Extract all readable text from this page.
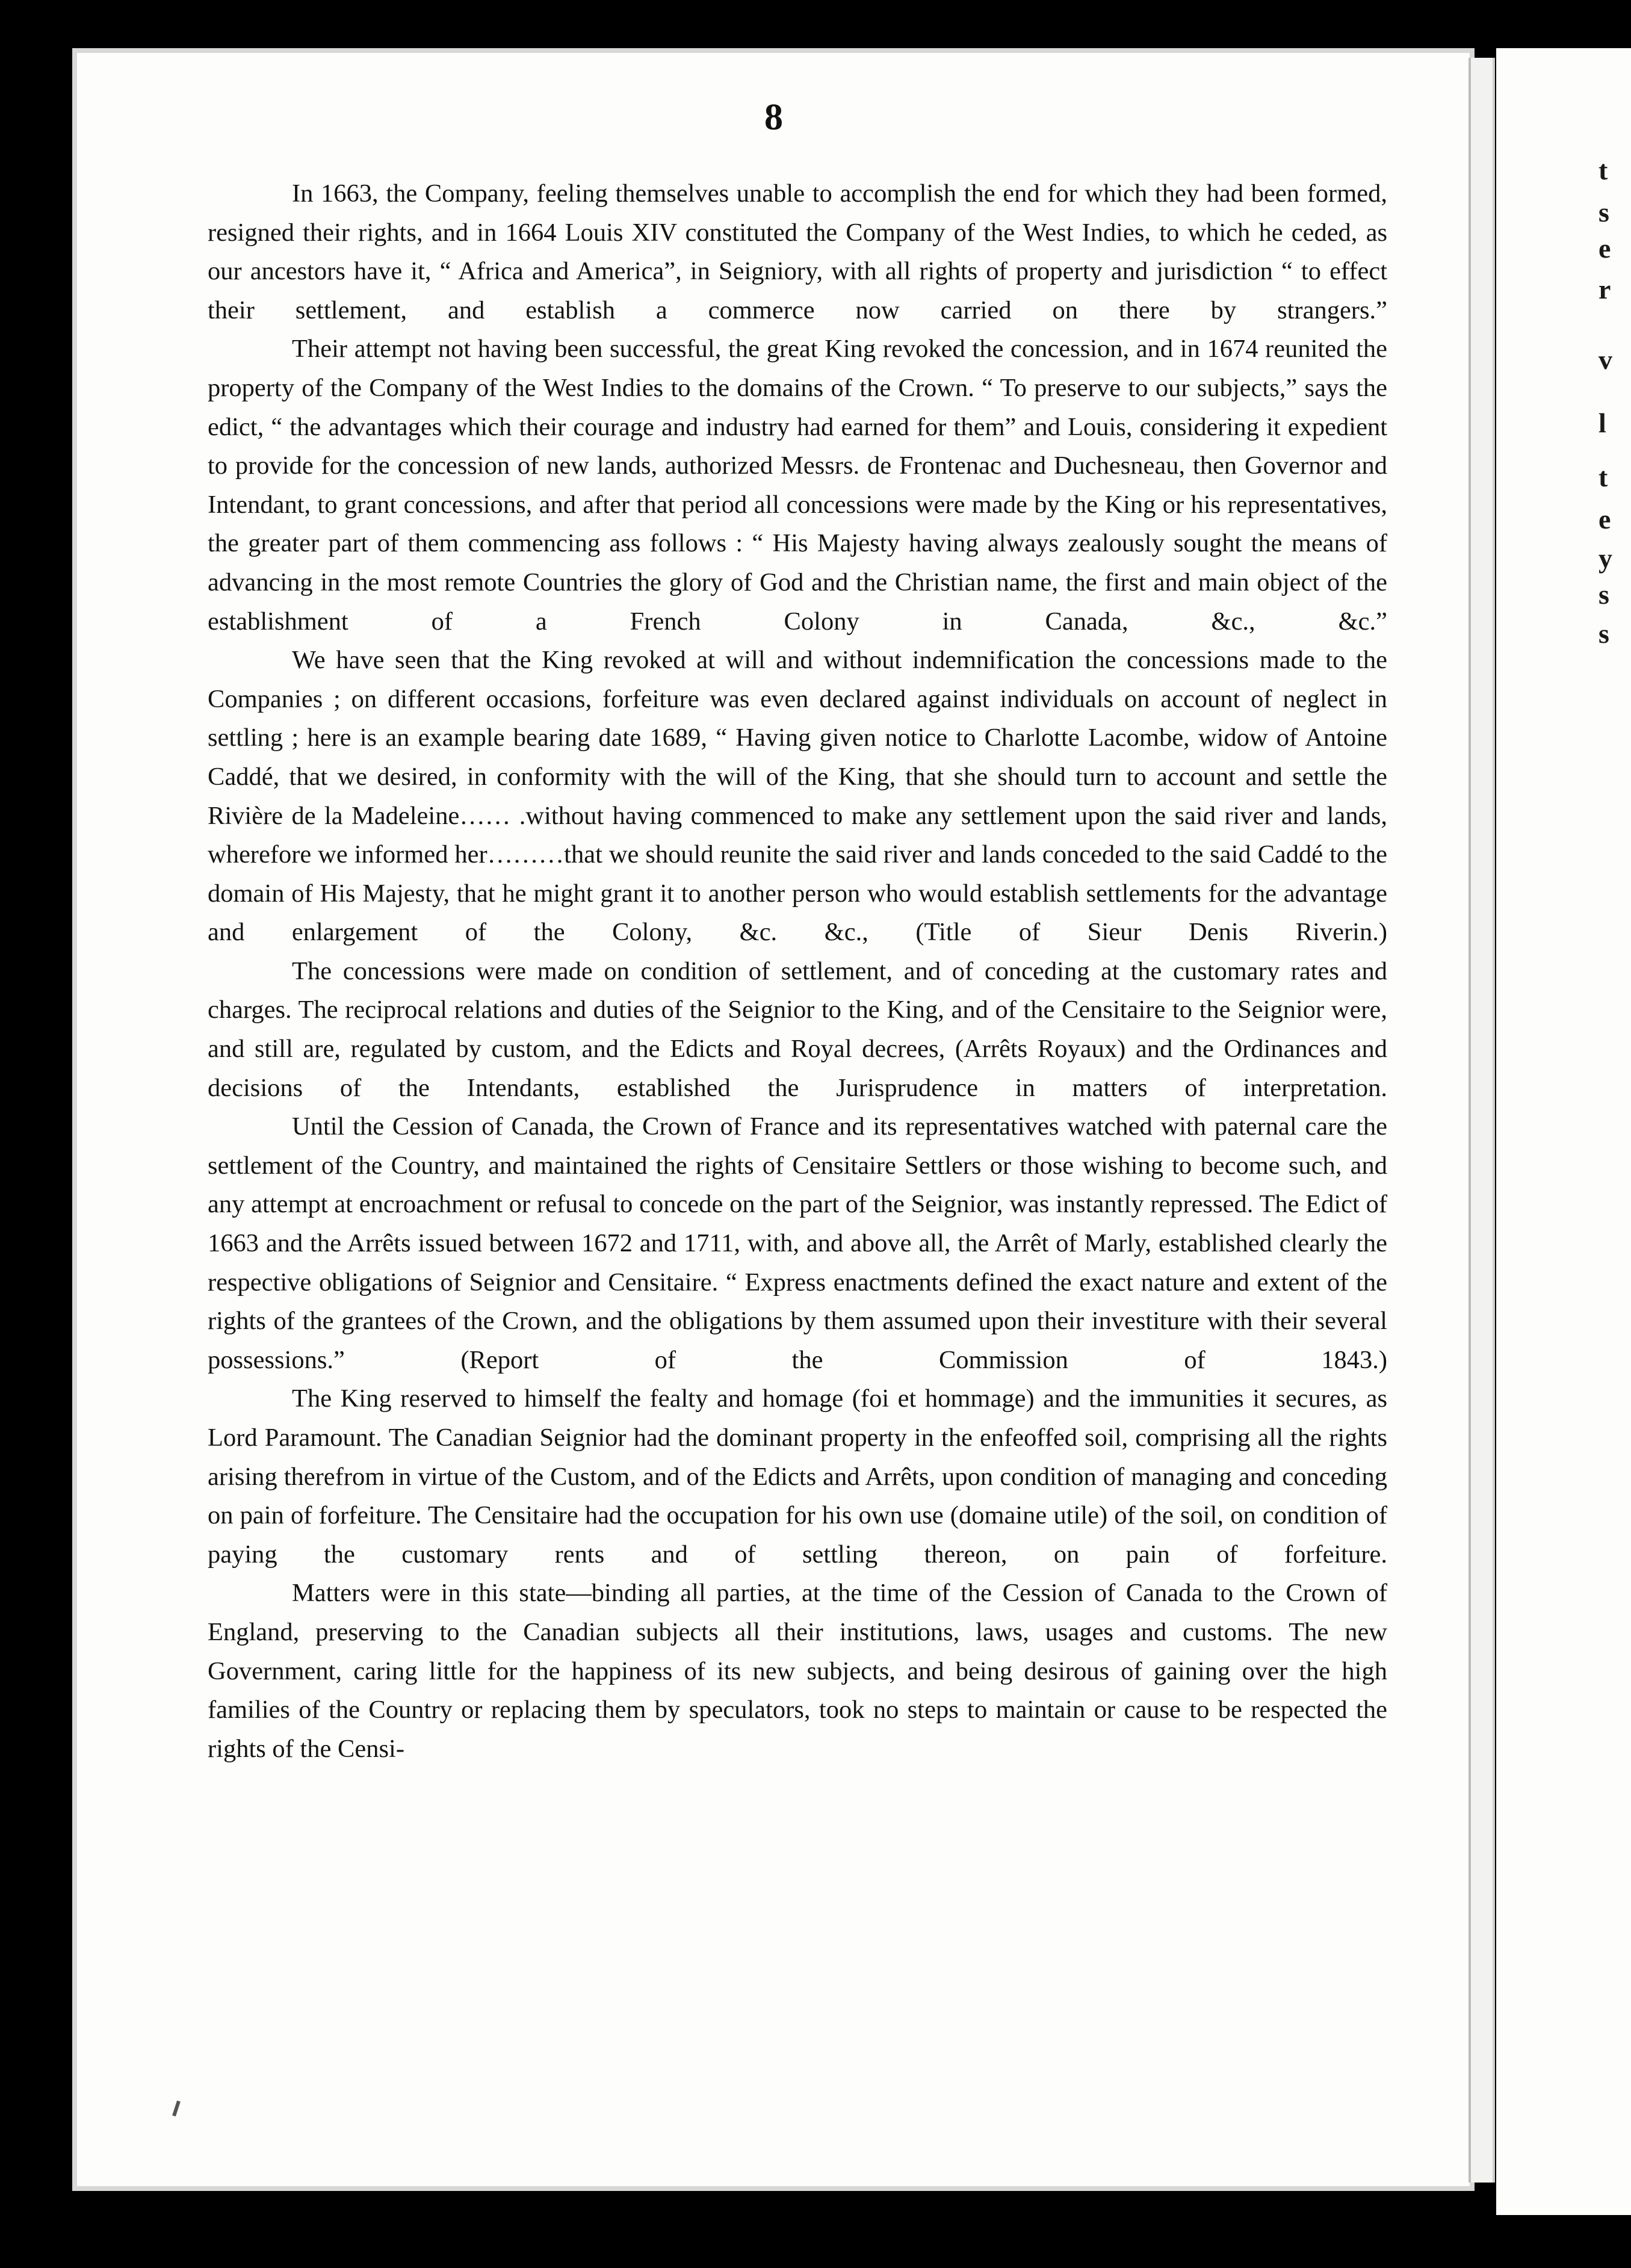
t
s
e
r
v
l
t
e
y
s
s
8

In 1663, the Company, feeling themselves unable to accomplish the end for which they had been formed, resigned their rights, and in 1664 Louis XIV constituted the Company of the West Indies, to which he ceded, as our ancestors have it, “ Africa and America”, in Seigniory, with all rights of property and jurisdiction “ to effect their settlement, and establish a commerce now carried on there by strangers.”

Their attempt not having been successful, the great King revoked the concession, and in 1674 reunited the property of the Company of the West Indies to the domains of the Crown. “ To preserve to our subjects,” says the edict, “ the advantages which their courage and industry had earned for them” and Louis, considering it expedient to provide for the concession of new lands, authorized Messrs. de Frontenac and Duchesneau, then Governor and Intendant, to grant concessions, and after that period all concessions were made by the King or his representatives, the greater part of them commencing ass follows : “ His Majesty having always zealously sought the means of advancing in the most remote Countries the glory of God and the Christian name, the first and main object of the establishment of a French Colony in Canada, &c., &c.”

We have seen that the King revoked at will and without indemnification the concessions made to the Companies ; on different occasions, forfeiture was even declared against individuals on account of neglect in settling ; here is an example bearing date 1689, “ Having given notice to Charlotte Lacombe, widow of Antoine Caddé, that we desired, in conformity with the will of the King, that she should turn to account and settle the Rivière de la Madeleine…… .without having commenced to make any settlement upon the said river and lands, wherefore we informed her………that we should reunite the said river and lands conceded to the said Caddé to the domain of His Majesty, that he might grant it to another person who would establish settlements for the advantage and enlargement of the Colony, &c. &c., (Title of Sieur Denis Riverin.)

The concessions were made on condition of settlement, and of conceding at the customary rates and charges. The reciprocal relations and duties of the Seignior to the King, and of the Censitaire to the Seignior were, and still are, regulated by custom, and the Edicts and Royal decrees, (Arrêts Royaux) and the Ordinances and decisions of the Intendants, established the Jurisprudence in matters of interpretation.

Until the Cession of Canada, the Crown of France and its representatives watched with paternal care the settlement of the Country, and maintained the rights of Censitaire Settlers or those wishing to become such, and any attempt at encroachment or refusal to concede on the part of the Seignior, was instantly repressed. The Edict of 1663 and the Arrêts issued between 1672 and 1711, with, and above all, the Arrêt of Marly, established clearly the respective obligations of Seignior and Censitaire. “ Express enactments defined the exact nature and extent of the rights of the grantees of the Crown, and the obligations by them assumed upon their investiture with their several possessions.” (Report of the Commission of 1843.)

The King reserved to himself the fealty and homage (foi et hommage) and the immunities it secures, as Lord Paramount. The Canadian Seignior had the dominant property in the enfeoffed soil, comprising all the rights arising therefrom in virtue of the Custom, and of the Edicts and Arrêts, upon condition of managing and conceding on pain of forfeiture. The Censitaire had the occupation for his own use (domaine utile) of the soil, on condition of paying the customary rents and of settling thereon, on pain of forfeiture.

Matters were in this state—binding all parties, at the time of the Cession of Canada to the Crown of England, preserving to the Canadian subjects all their institutions, laws, usages and customs. The new Government, caring little for the happiness of its new subjects, and being desirous of gaining over the high families of the Country or replacing them by speculators, took no steps to maintain or cause to be respected the rights of the Censi-
